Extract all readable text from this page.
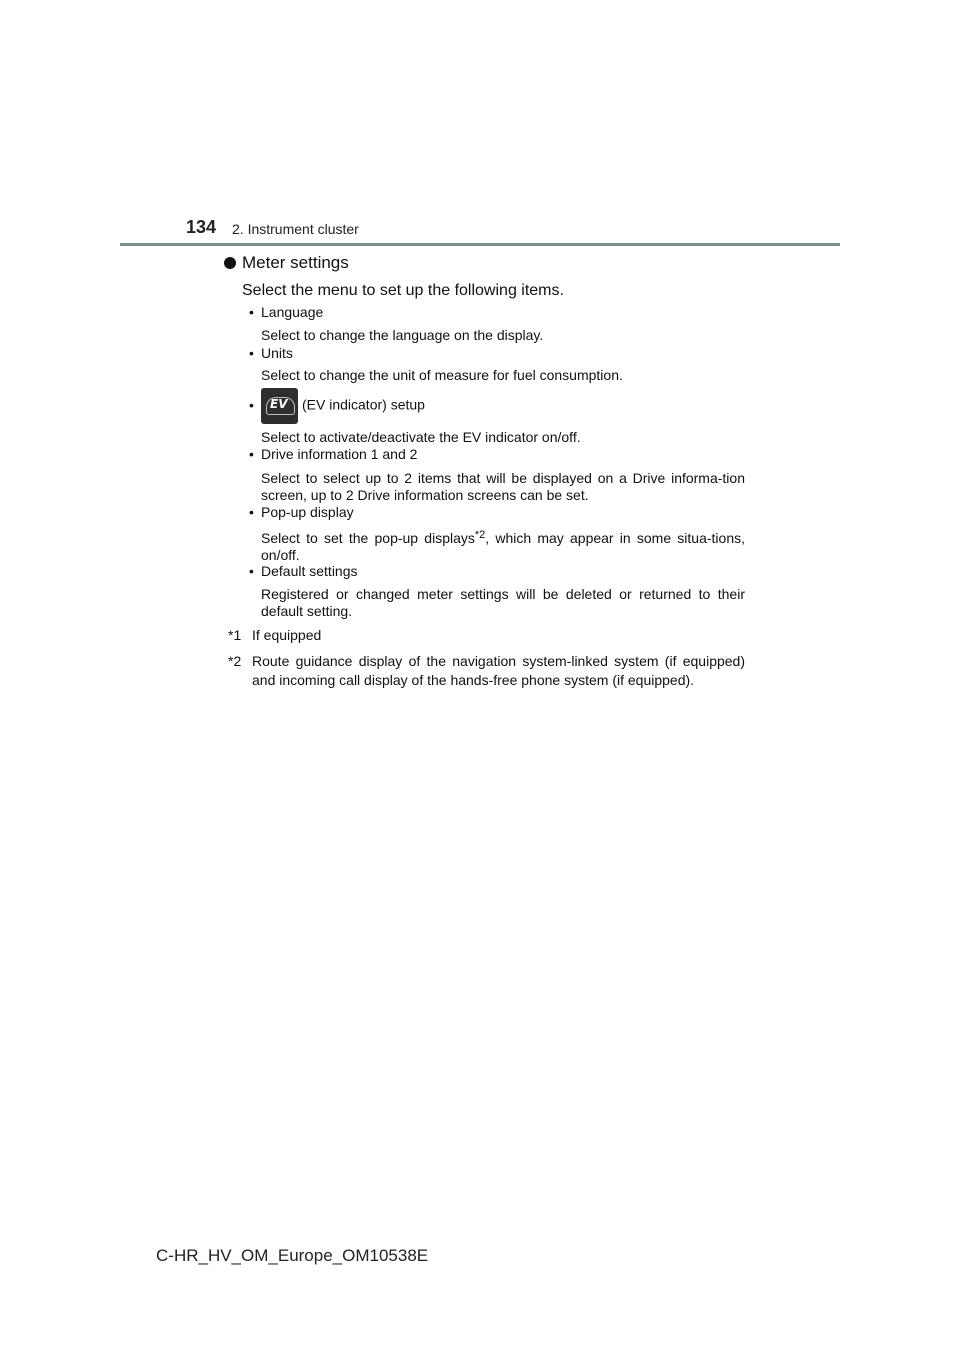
134 2. Instrument cluster
Meter settings
Select the menu to set up the following items.
• Language
Select to change the language on the display.
• Units
Select to change the unit of measure for fuel consumption.
•
EV (EV indicator) setup
Select to activate/deactivate the EV indicator on/off.
• Drive information 1 and 2
Select to select up to 2 items that will be displayed on a Drive informa-tion screen, up to 2 Drive information screens can be set.
• Pop-up display
Select to set the pop-up displays$^{*2}$, which may appear in some situa-tions, on/off.
• Default settings
Registered or changed meter settings will be deleted or returned to their default setting.
*1 If equipped
*2 Route guidance display of the navigation system-linked system (if equipped) and incoming call display of the hands-free phone system (if equipped).
C-HR_HV_OM_Europe_OM10538E
